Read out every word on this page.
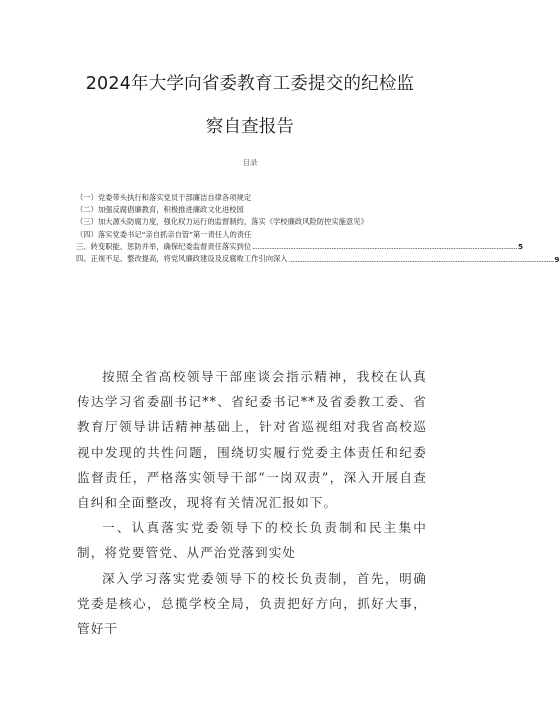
2024年大学向省委教育工委提交的纪检监
察自查报告
目录
（一）党委带头执行和落实党员干部廉洁自律各项规定
（二）加强反腐倡廉教育，积极推进廉政文化进校园
（三）加大源头防腐力度，强化权力运行的监督制约，落实《学校廉政风险防控实施意见》
（四）落实党委书记“亲自抓亲自管”第一责任人的责任
三、转变职能、惩防并举，确保纪委监督责任落实到位 .......................................................................................................................................................... 5
四、正视不足、整改提高，将党风廉政建设及反腐败工作引向深入 .......................................................................................................................................................... 9

按照全省高校领导干部座谈会指示精神，我校在认真传达学习省委副书记**、省纪委书记**及省委教工委、省教育厅领导讲话精神基础上，针对省巡视组对我省高校巡视中发现的共性问题，围绕切实履行党委主体责任和纪委监督责任，严格落实领导干部“一岗双责”，深入开展自查自纠和全面整改，现将有关情况汇报如下。

一、认真落实党委领导下的校长负责制和民主集中制，将党要管党、从严治党落到实处

深入学习落实党委领导下的校长负责制，首先，明确党委是核心，总揽学校全局，负责把好方向，抓好大事，管好干
